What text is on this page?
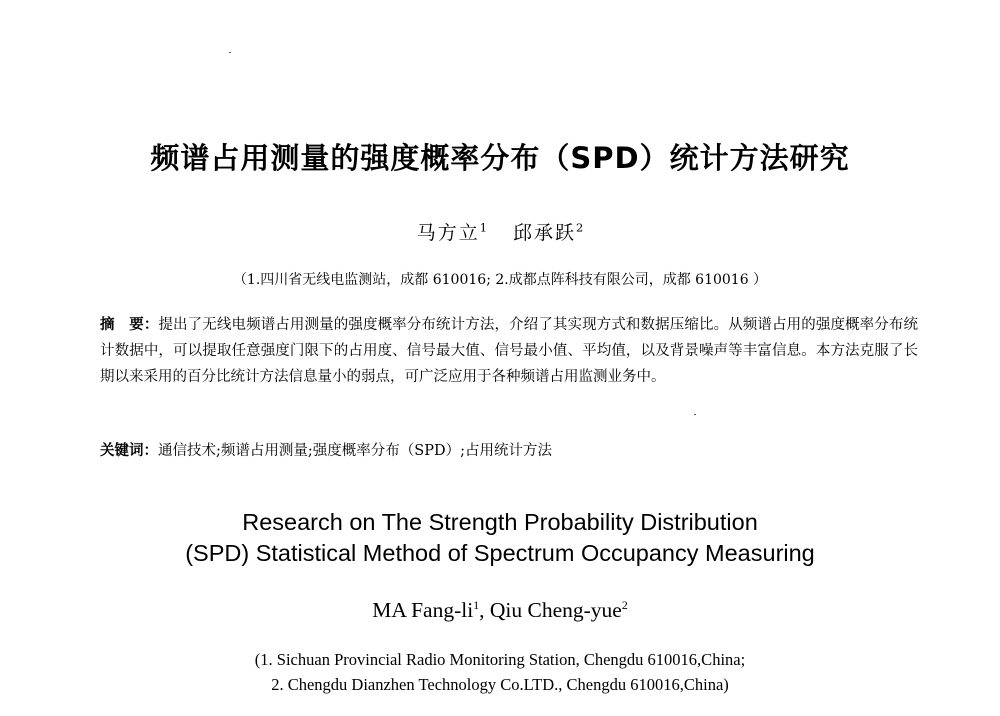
频谱占用测量的强度概率分布（SPD）统计方法研究
马方立$^1$ 邱承跃$^2$
（1.四川省无线电监测站，成都 610016; 2.成都点阵科技有限公司，成都 610016 ）
摘　要：提出了无线电频谱占用测量的强度概率分布统计方法，介绍了其实现方式和数据压缩比。从频谱占用的强度概率分布统计数据中，可以提取任意强度门限下的占用度、信号最大值、信号最小值、平均值，以及背景噪声等丰富信息。本方法克服了长期以来采用的百分比统计方法信息量小的弱点，可广泛应用于各种频谱占用监测业务中。
关键词：通信技术;频谱占用测量;强度概率分布（SPD）;占用统计方法
Research on The Strength Probability Distribution
(SPD) Statistical Method of Spectrum Occupancy Measuring
MA Fang-$li^1$, Qiu Cheng-yue$^2$
(1. Sichuan Provincial Radio Monitoring Station, Chengdu 610016,China;
2. Chengdu Dianzhen Technology Co.LTD., Chengdu 610016,China)
